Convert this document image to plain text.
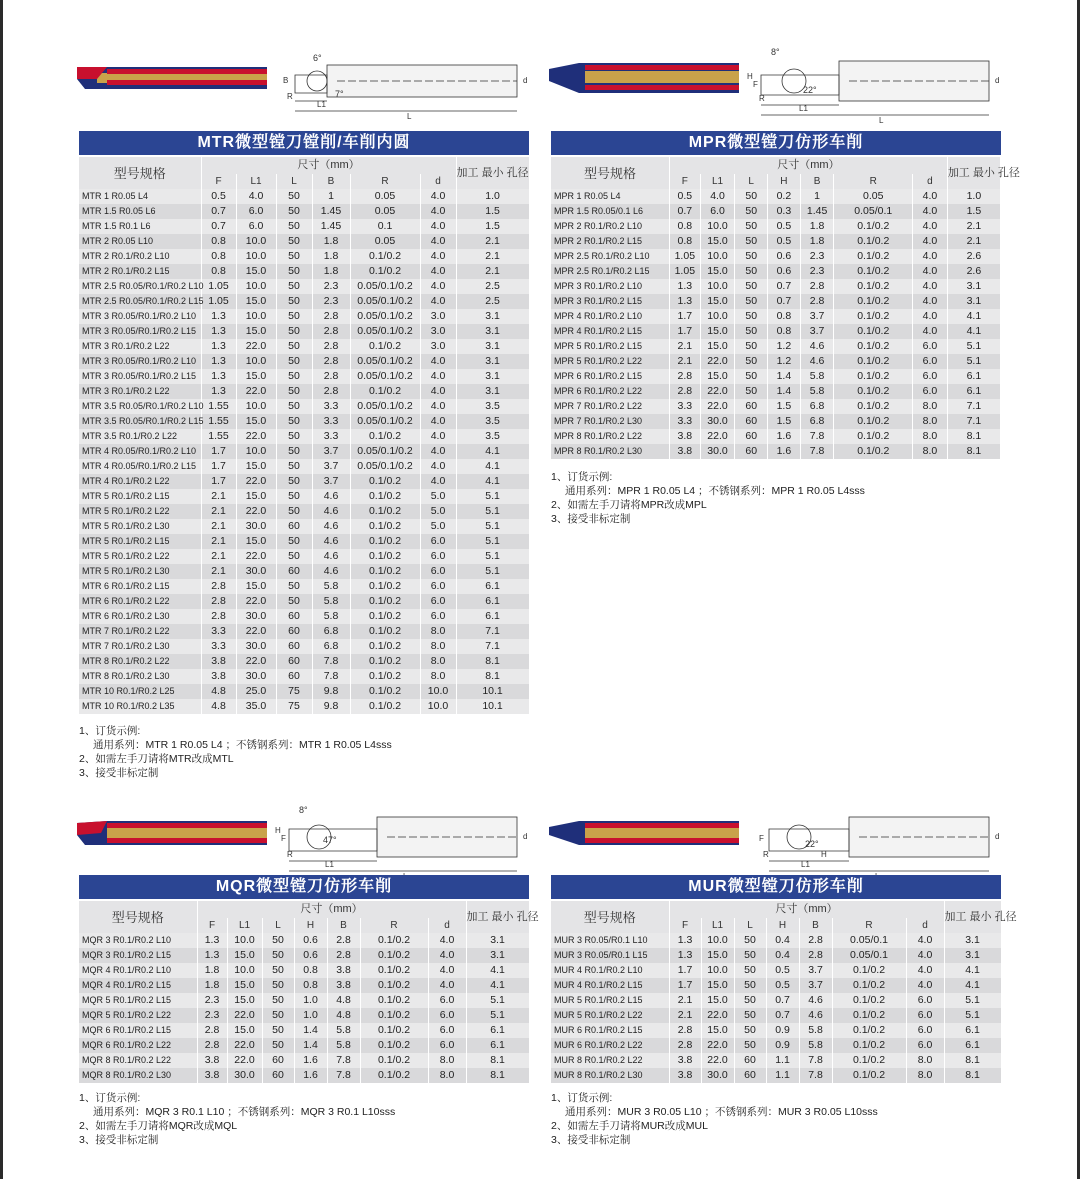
6°
7°
B
R
L1
L
d
MTR微型镗刀镗削/车削内圆
型号规格	尺寸（mm）						加工 最小 孔径
	F	L1	L	B	R	d	
MTR 1 R0.05 L4	0.5	4.0	50	1	0.05	4.0	1.0
MTR 1.5 R0.05 L6	0.7	6.0	50	1.45	0.05	4.0	1.5
MTR 1.5 R0.1 L6	0.7	6.0	50	1.45	0.1	4.0	1.5
MTR 2 R0.05 L10	0.8	10.0	50	1.8	0.05	4.0	2.1
MTR 2 R0.1/R0.2 L10	0.8	10.0	50	1.8	0.1/0.2	4.0	2.1
MTR 2 R0.1/R0.2 L15	0.8	15.0	50	1.8	0.1/0.2	4.0	2.1
MTR 2.5 R0.05/R0.1/R0.2 L10	1.05	10.0	50	2.3	0.05/0.1/0.2	4.0	2.5
MTR 2.5 R0.05/R0.1/R0.2 L15	1.05	15.0	50	2.3	0.05/0.1/0.2	4.0	2.5
MTR 3 R0.05/R0.1/R0.2 L10	1.3	10.0	50	2.8	0.05/0.1/0.2	3.0	3.1
MTR 3 R0.05/R0.1/R0.2 L15	1.3	15.0	50	2.8	0.05/0.1/0.2	3.0	3.1
MTR 3 R0.1/R0.2 L22	1.3	22.0	50	2.8	0.1/0.2	3.0	3.1
MTR 3 R0.05/R0.1/R0.2 L10	1.3	10.0	50	2.8	0.05/0.1/0.2	4.0	3.1
MTR 3 R0.05/R0.1/R0.2 L15	1.3	15.0	50	2.8	0.05/0.1/0.2	4.0	3.1
MTR 3 R0.1/R0.2 L22	1.3	22.0	50	2.8	0.1/0.2	4.0	3.1
MTR 3.5 R0.05/R0.1/R0.2 L10	1.55	10.0	50	3.3	0.05/0.1/0.2	4.0	3.5
MTR 3.5 R0.05/R0.1/R0.2 L15	1.55	15.0	50	3.3	0.05/0.1/0.2	4.0	3.5
MTR 3.5 R0.1/R0.2 L22	1.55	22.0	50	3.3	0.1/0.2	4.0	3.5
MTR 4 R0.05/R0.1/R0.2 L10	1.7	10.0	50	3.7	0.05/0.1/0.2	4.0	4.1
MTR 4 R0.05/R0.1/R0.2 L15	1.7	15.0	50	3.7	0.05/0.1/0.2	4.0	4.1
MTR 4 R0.1/R0.2 L22	1.7	22.0	50	3.7	0.1/0.2	4.0	4.1
MTR 5 R0.1/R0.2 L15	2.1	15.0	50	4.6	0.1/0.2	5.0	5.1
MTR 5 R0.1/R0.2 L22	2.1	22.0	50	4.6	0.1/0.2	5.0	5.1
MTR 5 R0.1/R0.2 L30	2.1	30.0	60	4.6	0.1/0.2	5.0	5.1
MTR 5 R0.1/R0.2 L15	2.1	15.0	50	4.6	0.1/0.2	6.0	5.1
MTR 5 R0.1/R0.2 L22	2.1	22.0	50	4.6	0.1/0.2	6.0	5.1
MTR 5 R0.1/R0.2 L30	2.1	30.0	60	4.6	0.1/0.2	6.0	5.1
MTR 6 R0.1/R0.2 L15	2.8	15.0	50	5.8	0.1/0.2	6.0	6.1
MTR 6 R0.1/R0.2 L22	2.8	22.0	50	5.8	0.1/0.2	6.0	6.1
MTR 6 R0.1/R0.2 L30	2.8	30.0	60	5.8	0.1/0.2	6.0	6.1
MTR 7 R0.1/R0.2 L22	3.3	22.0	60	6.8	0.1/0.2	8.0	7.1
MTR 7 R0.1/R0.2 L30	3.3	30.0	60	6.8	0.1/0.2	8.0	7.1
MTR 8 R0.1/R0.2 L22	3.8	22.0	60	7.8	0.1/0.2	8.0	8.1
MTR 8 R0.1/R0.2 L30	3.8	30.0	60	7.8	0.1/0.2	8.0	8.1
MTR 10 R0.1/R0.2 L25	4.8	25.0	75	9.8	0.1/0.2	10.0	10.1
MTR 10 R0.1/R0.2 L35	4.8	35.0	75	9.8	0.1/0.2	10.0	10.1
1、订货示例:
通用系列：MTR 1 R0.05 L4 ；不锈钢系列：MTR 1 R0.05 L4sss
2、如需左手刀请将MTR改成MTL
3、接受非标定制
8°
22°
F
H
R
L1
L
d
MPR微型镗刀仿形车削
型号规格	尺寸（mm）							加工 最小 孔径
	F	L1	L	H	B	R	d	
MPR 1 R0.05 L4	0.5	4.0	50	0.2	1	0.05	4.0	1.0
MPR 1.5 R0.05/0.1 L6	0.7	6.0	50	0.3	1.45	0.05/0.1	4.0	1.5
MPR 2 R0.1/R0.2 L10	0.8	10.0	50	0.5	1.8	0.1/0.2	4.0	2.1
MPR 2 R0.1/R0.2 L15	0.8	15.0	50	0.5	1.8	0.1/0.2	4.0	2.1
MPR 2.5 R0.1/R0.2 L10	1.05	10.0	50	0.6	2.3	0.1/0.2	4.0	2.6
MPR 2.5 R0.1/R0.2 L15	1.05	15.0	50	0.6	2.3	0.1/0.2	4.0	2.6
MPR 3 R0.1/R0.2 L10	1.3	10.0	50	0.7	2.8	0.1/0.2	4.0	3.1
MPR 3 R0.1/R0.2 L15	1.3	15.0	50	0.7	2.8	0.1/0.2	4.0	3.1
MPR 4 R0.1/R0.2 L10	1.7	10.0	50	0.8	3.7	0.1/0.2	4.0	4.1
MPR 4 R0.1/R0.2 L15	1.7	15.0	50	0.8	3.7	0.1/0.2	4.0	4.1
MPR 5 R0.1/R0.2 L15	2.1	15.0	50	1.2	4.6	0.1/0.2	6.0	5.1
MPR 5 R0.1/R0.2 L22	2.1	22.0	50	1.2	4.6	0.1/0.2	6.0	5.1
MPR 6 R0.1/R0.2 L15	2.8	15.0	50	1.4	5.8	0.1/0.2	6.0	6.1
MPR 6 R0.1/R0.2 L22	2.8	22.0	50	1.4	5.8	0.1/0.2	6.0	6.1
MPR 7 R0.1/R0.2 L22	3.3	22.0	60	1.5	6.8	0.1/0.2	8.0	7.1
MPR 7 R0.1/R0.2 L30	3.3	30.0	60	1.5	6.8	0.1/0.2	8.0	7.1
MPR 8 R0.1/R0.2 L22	3.8	22.0	60	1.6	7.8	0.1/0.2	8.0	8.1
MPR 8 R0.1/R0.2 L30	3.8	30.0	60	1.6	7.8	0.1/0.2	8.0	8.1
1、订货示例:
通用系列：MPR 1 R0.05 L4 ；不锈钢系列：MPR 1 R0.05 L4sss
2、如需左手刀请将MPR改成MPL
3、接受非标定制
8°
47°
F
H
R
L1
d
MQR微型镗刀仿形车削
型号规格	尺寸（mm）							加工 最小 孔径
	F	L1	L	H	B	R	d	
MQR 3 R0.1/R0.2 L10	1.3	10.0	50	0.6	2.8	0.1/0.2	4.0	3.1
MQR 3 R0.1/R0.2 L15	1.3	15.0	50	0.6	2.8	0.1/0.2	4.0	3.1
MQR 4 R0.1/R0.2 L10	1.8	10.0	50	0.8	3.8	0.1/0.2	4.0	4.1
MQR 4 R0.1/R0.2 L15	1.8	15.0	50	0.8	3.8	0.1/0.2	4.0	4.1
MQR 5 R0.1/R0.2 L15	2.3	15.0	50	1.0	4.8	0.1/0.2	6.0	5.1
MQR 5 R0.1/R0.2 L22	2.3	22.0	50	1.0	4.8	0.1/0.2	6.0	5.1
MQR 6 R0.1/R0.2 L15	2.8	15.0	50	1.4	5.8	0.1/0.2	6.0	6.1
MQR 6 R0.1/R0.2 L22	2.8	22.0	50	1.4	5.8	0.1/0.2	6.0	6.1
MQR 8 R0.1/R0.2 L22	3.8	22.0	60	1.6	7.8	0.1/0.2	8.0	8.1
MQR 8 R0.1/R0.2 L30	3.8	30.0	60	1.6	7.8	0.1/0.2	8.0	8.1
1、订货示例:
通用系列：MQR 3 R0.1 L10 ；不锈钢系列：MQR 3 R0.1 L10sss
2、如需左手刀请将MQR改成MQL
3、接受非标定制
22°
F
H
R
L1
d
MUR微型镗刀仿形车削
型号规格	尺寸（mm）							加工 最小 孔径
	F	L1	L	H	B	R	d	
MUR 3 R0.05/R0.1 L10	1.3	10.0	50	0.4	2.8	0.05/0.1	4.0	3.1
MUR 3 R0.05/R0.1 L15	1.3	15.0	50	0.4	2.8	0.05/0.1	4.0	3.1
MUR 4 R0.1/R0.2 L10	1.7	10.0	50	0.5	3.7	0.1/0.2	4.0	4.1
MUR 4 R0.1/R0.2 L15	1.7	15.0	50	0.5	3.7	0.1/0.2	4.0	4.1
MUR 5 R0.1/R0.2 L15	2.1	15.0	50	0.7	4.6	0.1/0.2	6.0	5.1
MUR 5 R0.1/R0.2 L22	2.1	22.0	50	0.7	4.6	0.1/0.2	6.0	5.1
MUR 6 R0.1/R0.2 L15	2.8	15.0	50	0.9	5.8	0.1/0.2	6.0	6.1
MUR 6 R0.1/R0.2 L22	2.8	22.0	50	0.9	5.8	0.1/0.2	6.0	6.1
MUR 8 R0.1/R0.2 L22	3.8	22.0	60	1.1	7.8	0.1/0.2	8.0	8.1
MUR 8 R0.1/R0.2 L30	3.8	30.0	60	1.1	7.8	0.1/0.2	8.0	8.1
1、订货示例:
通用系列：MUR 3 R0.05 L10 ；不锈钢系列：MUR 3 R0.05 L10sss
2、如需左手刀请将MUR改成MUL
3、接受非标定制
